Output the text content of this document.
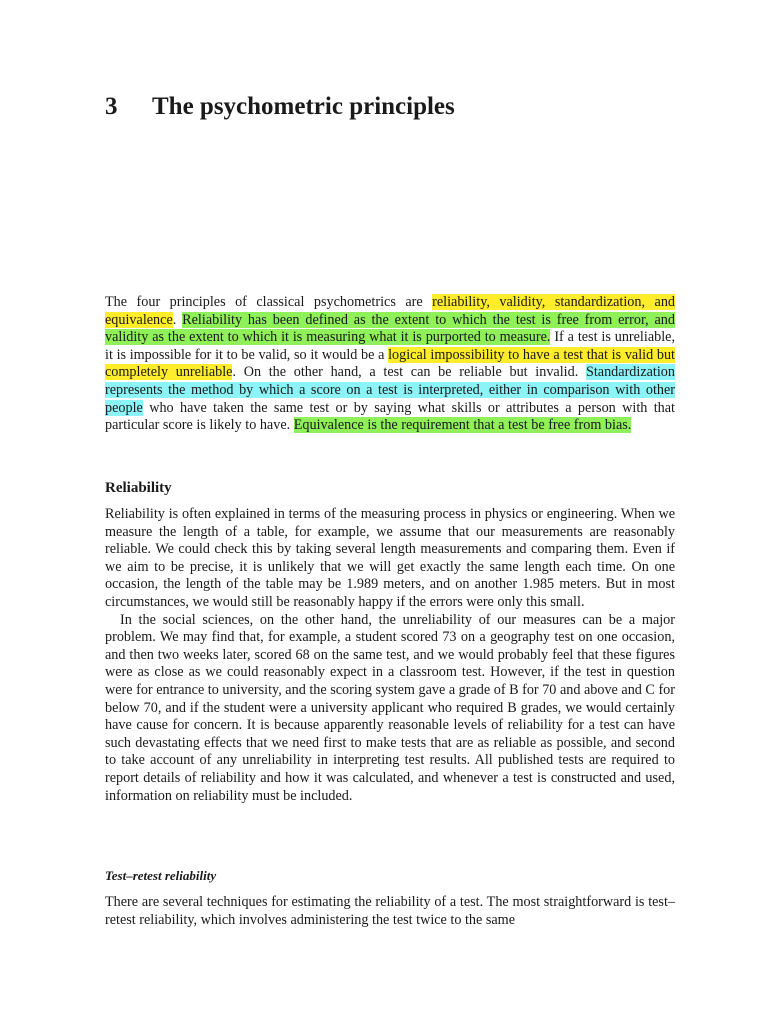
3 The psychometric principles

The four principles of classical psychometrics are reliability, validity, standardization, and equivalence. Reliability has been defined as the extent to which the test is free from error, and validity as the extent to which it is measuring what it is purported to measure. If a test is unreliable, it is impossible for it to be valid, so it would be a logical impossibility to have a test that is valid but completely unreliable. On the other hand, a test can be reliable but invalid. Standardization represents the method by which a score on a test is interpreted, either in comparison with other people who have taken the same test or by saying what skills or attributes a person with that particular score is likely to have. Equivalence is the requirement that a test be free from bias.

Reliability

Reliability is often explained in terms of the measuring process in physics or engineering. When we measure the length of a table, for example, we assume that our measurements are reasonably reliable. We could check this by taking several length measurements and comparing them. Even if we aim to be precise, it is unlikely that we will get exactly the same length each time. On one occasion, the length of the table may be 1.989 meters, and on another 1.985 meters. But in most circumstances, we would still be reasonably happy if the errors were only this small.

In the social sciences, on the other hand, the unreliability of our measures can be a major problem. We may find that, for example, a student scored 73 on a geography test on one occasion, and then two weeks later, scored 68 on the same test, and we would probably feel that these figures were as close as we could reasonably expect in a classroom test. However, if the test in question were for entrance to university, and the scoring system gave a grade of B for 70 and above and C for below 70, and if the student were a university applicant who required B grades, we would certainly have cause for concern. It is because apparently reasonable levels of reliability for a test can have such devastating effects that we need first to make tests that are as reliable as possible, and second to take account of any unreliability in interpreting test results. All published tests are required to report details of reliability and how it was calculated, and whenever a test is constructed and used, information on reliability must be included.

Test–retest reliability

There are several techniques for estimating the reliability of a test. The most straightforward is test–retest reliability, which involves administering the test twice to the same
